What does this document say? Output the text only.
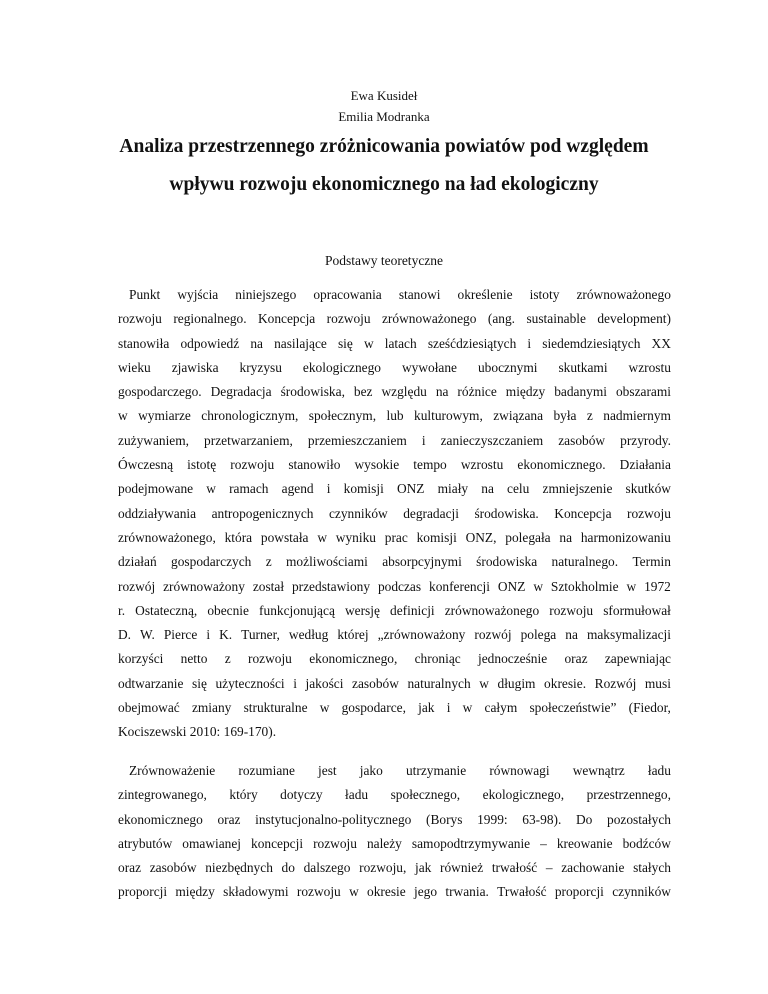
Ewa Kusideł
Emilia Modranka
Analiza przestrzennego zróżnicowania powiatów pod względem
wpływu rozwoju ekonomicznego na ład ekologiczny
Podstawy teoretyczne
Punkt wyjścia niniejszego opracowania stanowi określenie istoty zrównoważonego
rozwoju regionalnego. Koncepcja rozwoju zrównoważonego (ang. sustainable development)
stanowiła odpowiedź na nasilające się w latach sześćdziesiątych i siedemdziesiątych XX
wieku zjawiska kryzysu ekologicznego wywołane ubocznymi skutkami wzrostu
gospodarczego. Degradacja środowiska, bez względu na różnice między badanymi obszarami
w wymiarze chronologicznym, społecznym, lub kulturowym, związana była z nadmiernym
zużywaniem, przetwarzaniem, przemieszczaniem i zanieczyszczaniem zasobów przyrody.
Ówczesną istotę rozwoju stanowiło wysokie tempo wzrostu ekonomicznego. Działania
podejmowane w ramach agend i komisji ONZ miały na celu zmniejszenie skutków
oddziaływania antropogenicznych czynników degradacji środowiska. Koncepcja rozwoju
zrównoważonego, która powstała w wyniku prac komisji ONZ, polegała na harmonizowaniu
działań gospodarczych z możliwościami absorpcyjnymi środowiska naturalnego. Termin
rozwój zrównoważony został przedstawiony podczas konferencji ONZ w Sztokholmie w 1972
r. Ostateczną, obecnie funkcjonującą wersję definicji zrównoważonego rozwoju sformułował
D. W. Pierce i K. Turner, według której „zrównoważony rozwój polega na maksymalizacji
korzyści netto z rozwoju ekonomicznego, chroniąc jednocześnie oraz zapewniając
odtwarzanie się użyteczności i jakości zasobów naturalnych w długim okresie. Rozwój musi
obejmować zmiany strukturalne w gospodarce, jak i w całym społeczeństwie” (Fiedor,
Kociszewski 2010: 169-170).
Zrównoważenie rozumiane jest jako utrzymanie równowagi wewnątrz ładu
zintegrowanego, który dotyczy ładu społecznego, ekologicznego, przestrzennego,
ekonomicznego oraz instytucjonalno-politycznego (Borys 1999: 63-98). Do pozostałych
atrybutów omawianej koncepcji rozwoju należy samopodtrzymywanie – kreowanie bodźców
oraz zasobów niezbędnych do dalszego rozwoju, jak również trwałość – zachowanie stałych
proporcji między składowymi rozwoju w okresie jego trwania. Trwałość proporcji czynników
